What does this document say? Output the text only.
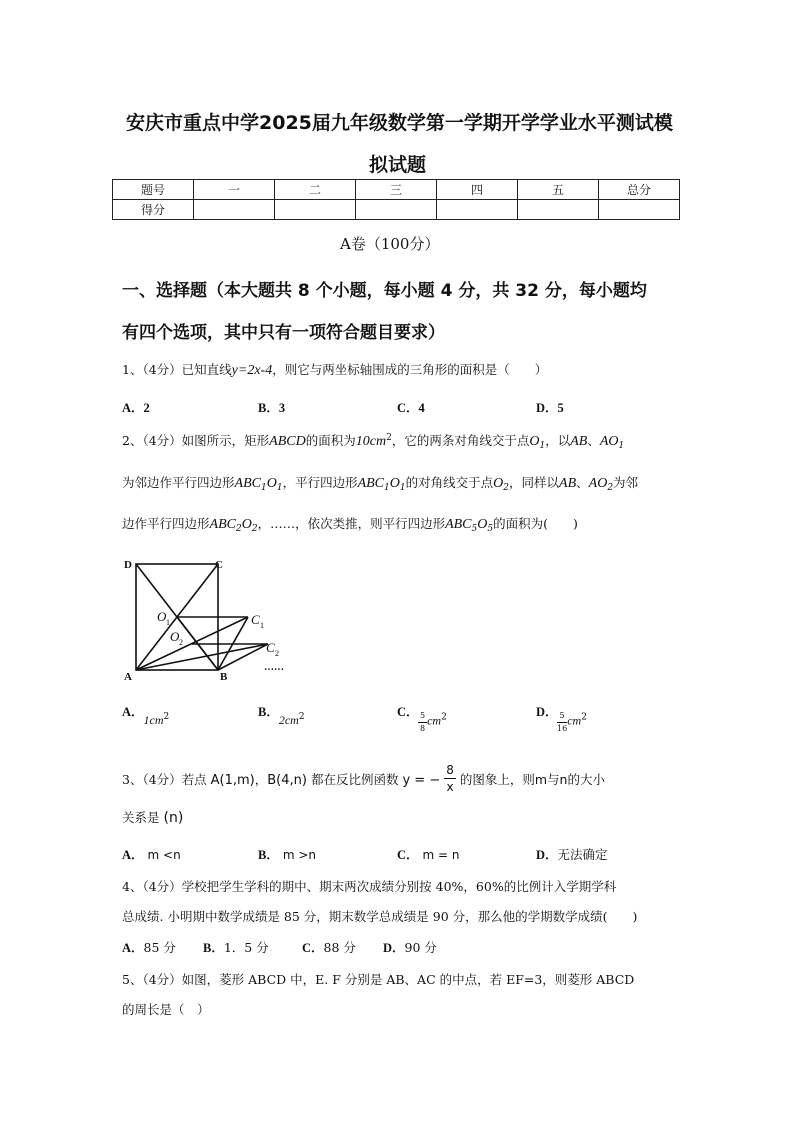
安庆市重点中学2025届九年级数学第一学期开学学业水平测试模
拟试题
题号	一	二	三	四	五	总分
得分						
A卷（100分）
一、选择题（本大题共 8 个小题，每小题 4 分，共 32 分，每小题均
有四个选项，其中只有一项符合题目要求）
1、（4分）已知直线y=2x-4，则它与两坐标轴围成的三角形的面积是（　　）
A．2	B．3	C．4	D．5
2、（4分）如图所示，矩形ABCD的面积为$10cm^2$，它的两条对角线交于点$O_1$，以AB、$AO_1$
为邻边作平行四边形$ABC_1O_1$，平行四边形$ABC_1O_1$的对角线交于点$O_2$，同样以AB、$AO_2$为邻
边作平行四边形$ABC_2O_2$，……，依次类推，则平行四边形$ABC_5O_5$的面积为(　　)
D	C
A	B
O 1
O 2
C 1
C 2
……
A．$1cm^2$	B．$2cm^2$	C． $\frac{5}{8} cm2$	D． $\frac{5}{16} cm2$
3、（4分）若点 A(1,m)，B(4,n) 都在反比例函数 y = − $\frac{8}{x}$ 的图象上，则m与n的大小
关系是 (n)
A． m <n	B． m >n	C． m = n	D．无法确定
4、（4分）学校把学生学科的期中、期末两次成绩分别按 40%，60%的比例计入学期学科
总成绩. 小明期中数学成绩是 85 分，期末数学总成绩是 90 分，那么他的学期数学成绩(　　)
A．85 分 B．1．5 分	C．88 分 D．90 分
5、（4分）如图，菱形 ABCD 中，E. F 分别是 AB、AC 的中点，若 EF=3，则菱形 ABCD
的周长是（　）
